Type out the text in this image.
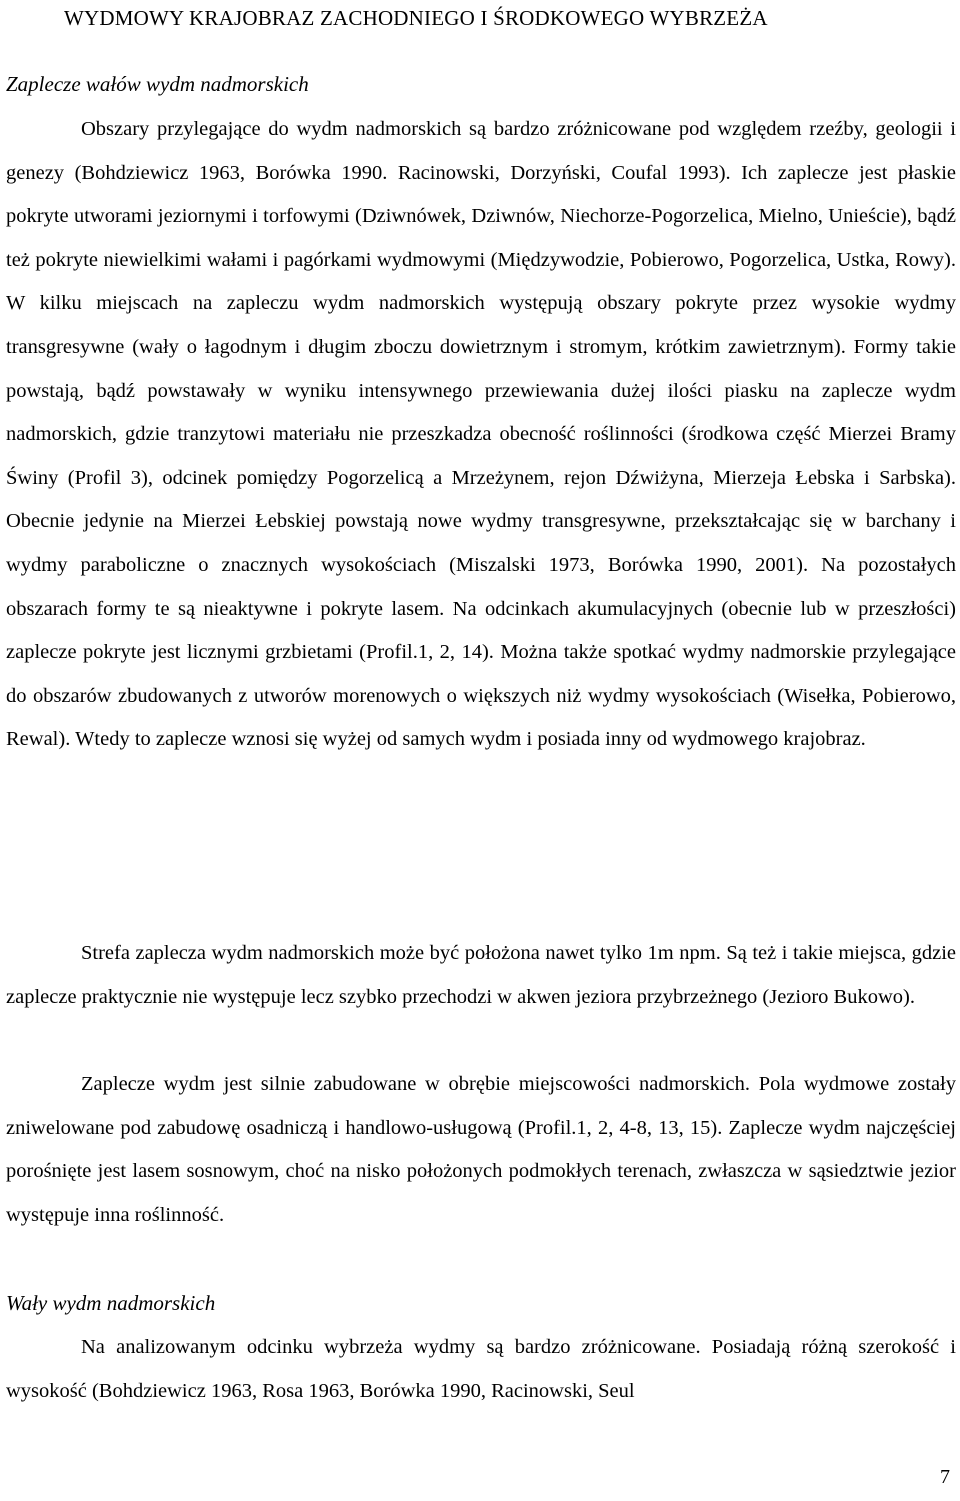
WYDMOWY KRAJOBRAZ ZACHODNIEGO I ŚRODKOWEGO WYBRZEŻA
Zaplecze wałów wydm nadmorskich

Obszary przylegające do wydm nadmorskich są bardzo zróżnicowane pod względem rzeźby, geologii i genezy (Bohdziewicz 1963, Borówka 1990. Racinowski, Dorzyński, Coufal 1993). Ich zaplecze jest płaskie pokryte utworami jeziornymi i torfowymi (Dziwnówek, Dziwnów, Niechorze-Pogorzelica, Mielno, Unieście), bądź też pokryte niewielkimi wałami i pagórkami wydmowymi (Międzywodzie, Pobierowo, Pogorzelica, Ustka, Rowy). W kilku miejscach na zapleczu wydm nadmorskich występują obszary pokryte przez wysokie wydmy transgresywne (wały o łagodnym i długim zboczu dowietrznym i stromym, krótkim zawietrznym). Formy takie powstają, bądź powstawały w wyniku intensywnego przewiewania dużej ilości piasku na zaplecze wydm nadmorskich, gdzie tranzytowi materiału nie przeszkadza obecność roślinności (środkowa część Mierzei Bramy Świny (Profil 3), odcinek pomiędzy Pogorzelicą a Mrzeżynem, rejon Dźwiżyna, Mierzeja Łebska i Sarbska). Obecnie jedynie na Mierzei Łebskiej powstają nowe wydmy transgresywne, przekształcając się w barchany i wydmy paraboliczne o znacznych wysokościach (Miszalski 1973, Borówka 1990, 2001). Na pozostałych obszarach formy te są nieaktywne i pokryte lasem. Na odcinkach akumulacyjnych (obecnie lub w przeszłości) zaplecze pokryte jest licznymi grzbietami (Profil.1, 2, 14). Można także spotkać wydmy nadmorskie przylegające do obszarów zbudowanych z utworów morenowych o większych niż wydmy wysokościach (Wisełka, Pobierowo, Rewal). Wtedy to zaplecze wznosi się wyżej od samych wydm i posiada inny od wydmowego krajobraz.

Strefa zaplecza wydm nadmorskich może być położona nawet tylko 1m npm. Są też i takie miejsca, gdzie zaplecze praktycznie nie występuje lecz szybko przechodzi w akwen jeziora przybrzeżnego (Jezioro Bukowo).

Zaplecze wydm jest silnie zabudowane w obrębie miejscowości nadmorskich. Pola wydmowe zostały zniwelowane pod zabudowę osadniczą i handlowo-usługową (Profil.1, 2, 4-8, 13, 15). Zaplecze wydm najczęściej porośnięte jest lasem sosnowym, choć na nisko położonych podmokłych terenach, zwłaszcza w sąsiedztwie jezior występuje inna roślinność.

Wały wydm nadmorskich

Na analizowanym odcinku wybrzeża wydmy są bardzo zróżnicowane. Posiadają różną szerokość i wysokość (Bohdziewicz 1963, Rosa 1963, Borówka 1990, Racinowski, Seul

7
